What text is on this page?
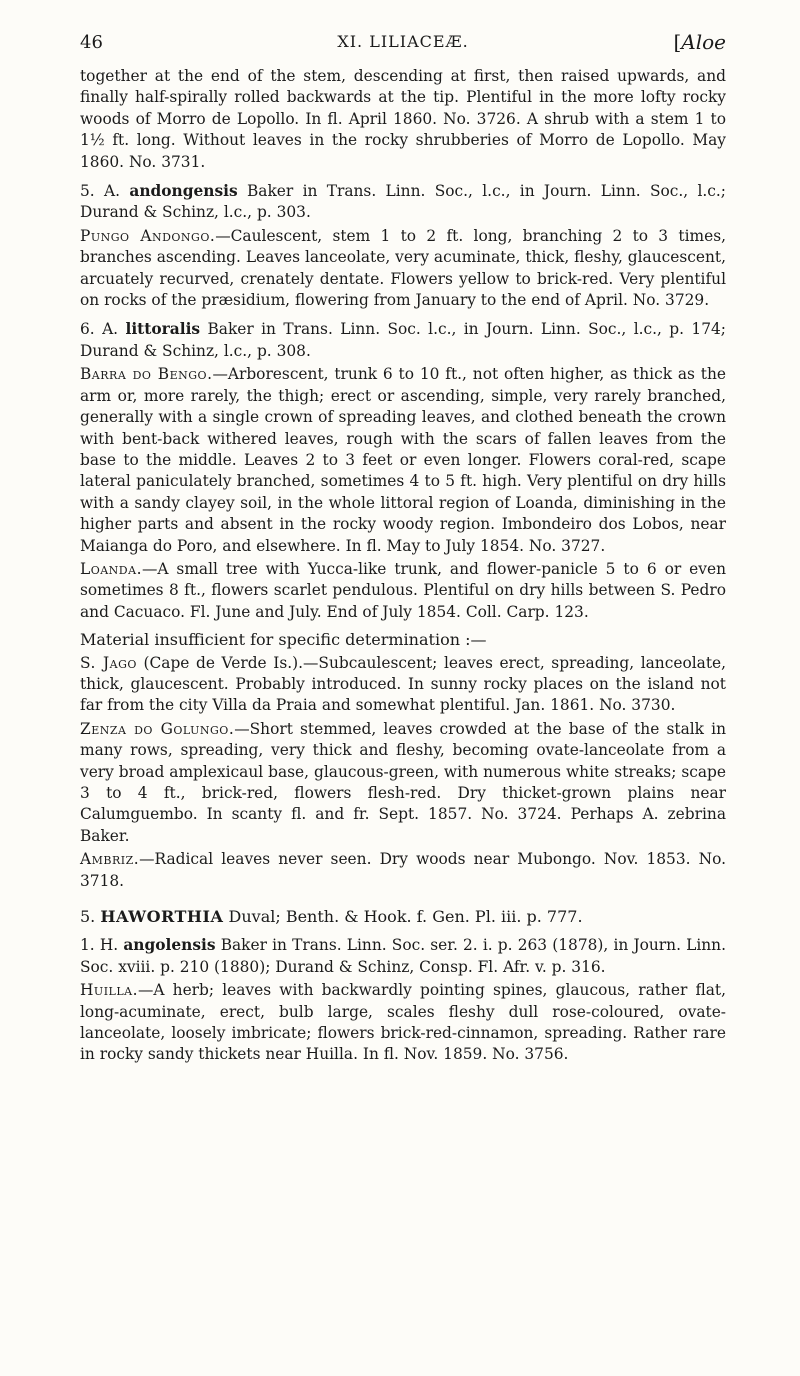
46	XI. LILIACEÆ.	[Aloe

together at the end of the stem, descending at first, then raised upwards, and finally half-spirally rolled backwards at the tip. Plentiful in the more lofty rocky woods of Morro de Lopollo. In fl. April 1860. No. 3726. A shrub with a stem 1 to 1½ ft. long. Without leaves in the rocky shrubberies of Morro de Lopollo. May 1860. No. 3731.

5. A. andongensis Baker in Trans. Linn. Soc., l.c., in Journ. Linn. Soc., l.c.; Durand & Schinz, l.c., p. 303.

Pungo Andongo.—Caulescent, stem 1 to 2 ft. long, branching 2 to 3 times, branches ascending. Leaves lanceolate, very acuminate, thick, fleshy, glaucescent, arcuately recurved, crenately dentate. Flowers yellow to brick-red. Very plentiful on rocks of the præsidium, flowering from January to the end of April. No. 3729.

6. A. littoralis Baker in Trans. Linn. Soc. l.c., in Journ. Linn. Soc., l.c., p. 174; Durand & Schinz, l.c., p. 308.

Barra do Bengo.—Arborescent, trunk 6 to 10 ft., not often higher, as thick as the arm or, more rarely, the thigh; erect or ascending, simple, very rarely branched, generally with a single crown of spreading leaves, and clothed beneath the crown with bent-back withered leaves, rough with the scars of fallen leaves from the base to the middle. Leaves 2 to 3 feet or even longer. Flowers coral-red, scape lateral paniculately branched, sometimes 4 to 5 ft. high. Very plentiful on dry hills with a sandy clayey soil, in the whole littoral region of Loanda, diminishing in the higher parts and absent in the rocky woody region. Imbondeiro dos Lobos, near Maianga do Poro, and elsewhere. In fl. May to July 1854. No. 3727.

Loanda.—A small tree with Yucca-like trunk, and flower-panicle 5 to 6 or even sometimes 8 ft., flowers scarlet pendulous. Plentiful on dry hills between S. Pedro and Cacuaco. Fl. June and July. End of July 1854. Coll. Carp. 123.

Material insufficient for specific determination :—

S. Jago (Cape de Verde Is.).—Subcaulescent; leaves erect, spreading, lanceolate, thick, glaucescent. Probably introduced. In sunny rocky places on the island not far from the city Villa da Praia and somewhat plentiful. Jan. 1861. No. 3730.

Zenza do Golungo.—Short stemmed, leaves crowded at the base of the stalk in many rows, spreading, very thick and fleshy, becoming ovate-lanceolate from a very broad amplexicaul base, glaucous-green, with numerous white streaks; scape 3 to 4 ft., brick-red, flowers flesh-red. Dry thicket-grown plains near Calumguembo. In scanty fl. and fr. Sept. 1857. No. 3724. Perhaps A. zebrina Baker.

Ambriz.—Radical leaves never seen. Dry woods near Mubongo. Nov. 1853. No. 3718.

5. HAWORTHIA Duval; Benth. & Hook. f. Gen. Pl. iii. p. 777.

1. H. angolensis Baker in Trans. Linn. Soc. ser. 2. i. p. 263 (1878), in Journ. Linn. Soc. xviii. p. 210 (1880); Durand & Schinz, Consp. Fl. Afr. v. p. 316.

Huilla.—A herb; leaves with backwardly pointing spines, glaucous, rather flat, long-acuminate, erect, bulb large, scales fleshy dull rose-coloured, ovate-lanceolate, loosely imbricate; flowers brick-red-cinnamon, spreading. Rather rare in rocky sandy thickets near Huilla. In fl. Nov. 1859. No. 3756.
